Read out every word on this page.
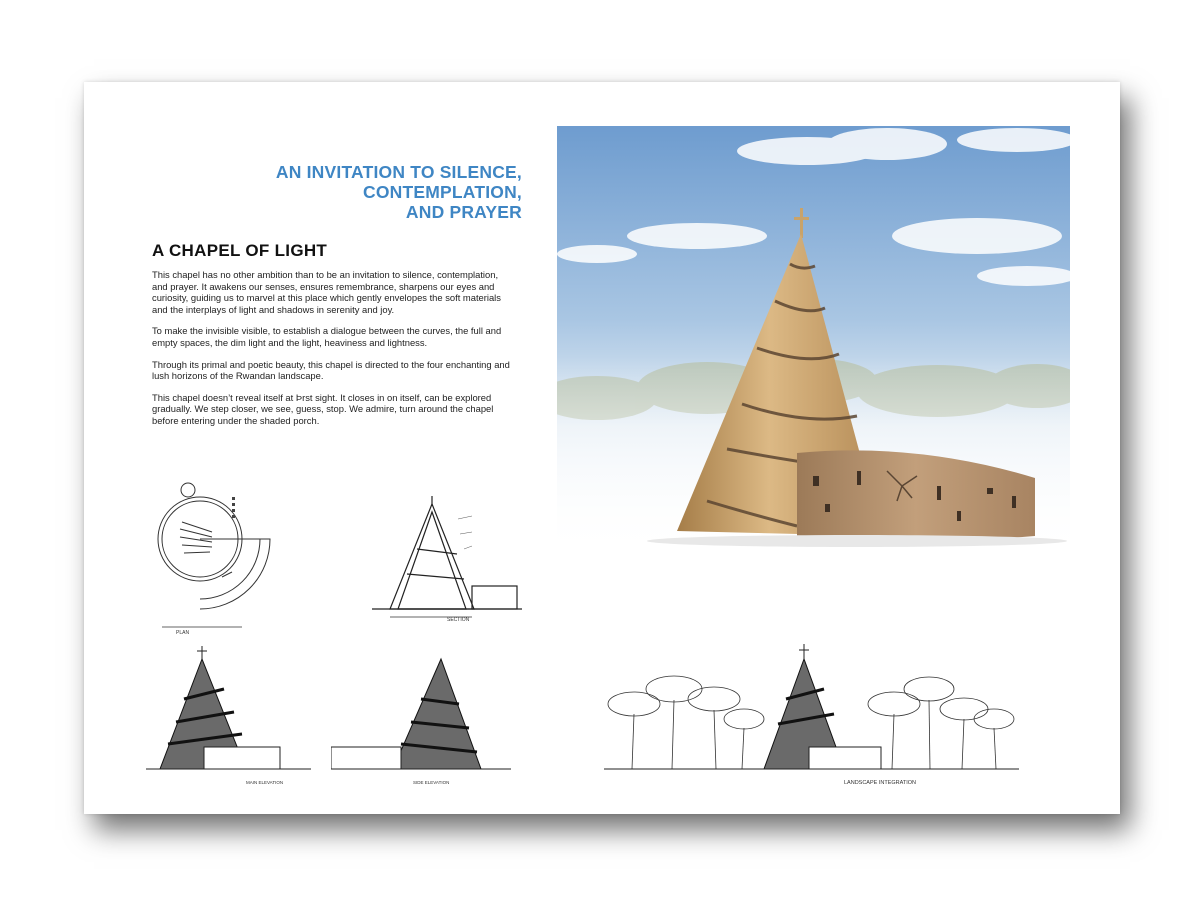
AN INVITATION TO SILENCE,
CONTEMPLATION,
AND PRAYER
A CHAPEL OF LIGHT

This chapel has no other ambition than to be an invitation to silence, contemplation, and prayer. It awakens our senses, ensures remembrance, sharpens our eyes and curiosity, guiding us to marvel at this place which gently envelopes the soft materials and the interplays of light and shadows in serenity and joy.

To make the invisible visible, to establish a dialogue between the curves, the full and empty spaces, the dim light and the light, heaviness and lightness.

Through its primal and poetic beauty, this chapel is directed to the four enchanting and lush horizons of the Rwandan landscape.

This chapel doesn’t reveal itself at Þrst sight. It closes in on itself, can be explored gradually. We step closer, we see, guess, stop. We admire, turn around the chapel before entering under the shaded porch.

PLAN
SECTION
MAIN ELEVATION	SIDE ELEVATION	LANDSCAPE INTEGRATION
